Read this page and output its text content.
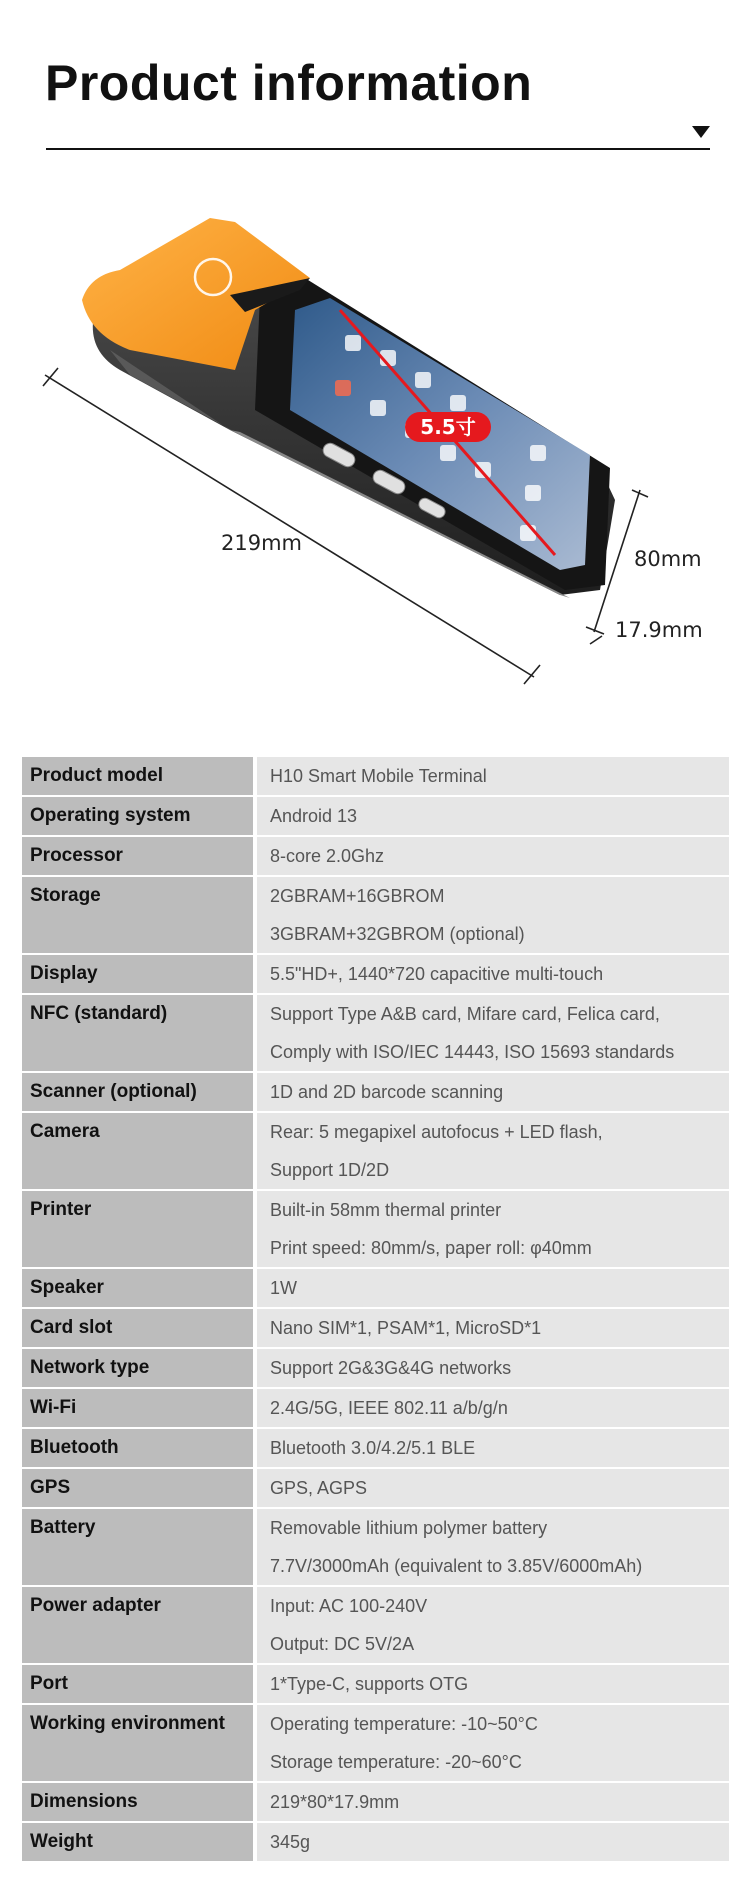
Product information
5.5寸
219mm
80mm
17.9mm
Product model	H10 Smart Mobile Terminal
Operating system	Android 13
Processor	8-core 2.0Ghz
Storage	2GBRAM+16GBROM
3GBRAM+32GBROM (optional)
Display	5.5"HD+, 1440*720 capacitive multi-touch
NFC (standard)	Support Type A&B card, Mifare card, Felica card,
Comply with ISO/IEC 14443, ISO 15693 standards
Scanner (optional)	1D and 2D barcode scanning
Camera	Rear: 5 megapixel autofocus + LED flash,
Support 1D/2D
Printer	Built-in 58mm thermal printer
Print speed: 80mm/s, paper roll: φ40mm
Speaker	1W
Card slot	Nano SIM*1, PSAM*1, MicroSD*1
Network type	Support 2G&3G&4G networks
Wi-Fi	2.4G/5G, IEEE 802.11 a/b/g/n
Bluetooth	Bluetooth 3.0/4.2/5.1 BLE
GPS	GPS, AGPS
Battery	Removable lithium polymer battery
7.7V/3000mAh (equivalent to 3.85V/6000mAh)
Power adapter	Input: AC 100-240V
Output: DC 5V/2A
Port	1*Type-C, supports OTG
Working environment	Operating temperature: -10~50°C
Storage temperature: -20~60°C
Dimensions	219*80*17.9mm
Weight	345g
